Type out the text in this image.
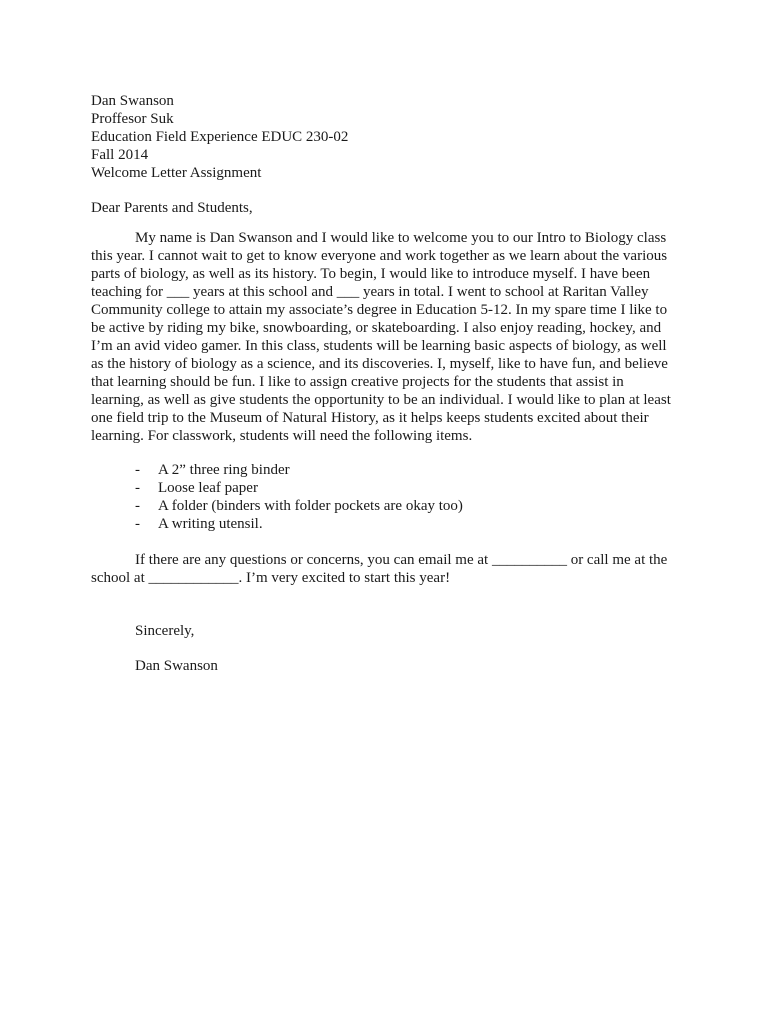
Dan Swanson
Proffesor Suk
Education Field Experience EDUC 230-02
Fall 2014
Welcome Letter Assignment
Dear Parents and Students,

My name is Dan Swanson and I would like to welcome you to our Intro to Biology class this year. I cannot wait to get to know everyone and work together as we learn about the various parts of biology, as well as its history. To begin, I would like to introduce myself. I have been teaching for ___ years at this school and ___ years in total. I went to school at Raritan Valley Community college to attain my associate’s degree in Education 5-12. In my spare time I like to be active by riding my bike, snowboarding, or skateboarding. I also enjoy reading, hockey, and I’m an avid video gamer. In this class, students will be learning basic aspects of biology, as well as the history of biology as a science, and its discoveries. I, myself, like to have fun, and believe that learning should be fun. I like to assign creative projects for the students that assist in learning, as well as give students the opportunity to be an individual. I would like to plan at least one field trip to the Museum of Natural History, as it helps keeps students excited about their learning. For classwork, students will need the following items.

-	A 2” three ring binder
-	Loose leaf paper
-	A folder (binders with folder pockets are okay too)
-	A writing utensil.

If there are any questions or concerns, you can email me at __________ or call me at the school at ____________. I’m very excited to start this year!

Sincerely,
Dan Swanson
